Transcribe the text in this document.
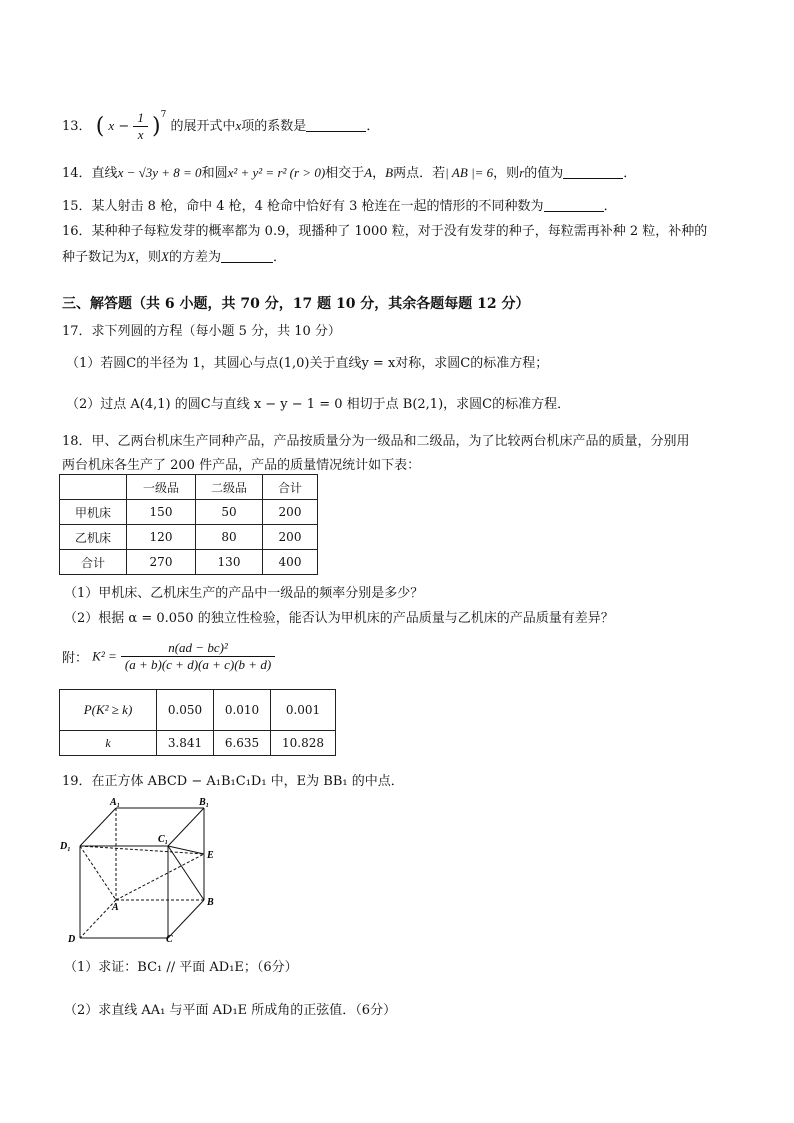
13． ( $x - \frac{1}{x} )^7$ 的展开式中x项的系数是	．
14．直线x − √3y + 8 = 0和圆x² + y² = r² (r > 0)相交于A，B两点．若| AB |= 6，则r的值为	．
15．某人射击 8 枪，命中 4 枪，4 枪命中恰好有 3 枪连在一起的情形的不同种数为	．
16．某种种子每粒发芽的概率都为 0.9，现播种了 1000 粒，对于没有发芽的种子，每粒需再补种 2 粒，补种的
种子数记为X，则X的方差为	．
三、解答题（共 6 小题，共 70 分，17 题 10 分，其余各题每题 12 分）
17．求下列圆的方程（每小题 5 分，共 10 分）
（1）若圆C的半径为 1，其圆心与点(1,0)关于直线y = x对称，求圆C的标准方程；
（2）过点 A(4,1) 的圆C与直线 x − y − 1 = 0 相切于点 B(2,1)，求圆C的标准方程．
18．甲、乙两台机床生产同种产品，产品按质量分为一级品和二级品，为了比较两台机床产品的质量，分别用
两台机床各生产了 200 件产品，产品的质量情况统计如下表：
	一级品	二级品	合计
甲机床	150	50	200
乙机床	120	80	200
合计	270	130	400
（1）甲机床、乙机床生产的产品中一级品的频率分别是多少？
（2）根据 α = 0.050 的独立性检验，能否认为甲机床的产品质量与乙机床的产品质量有差异？
附： $K^2 = \frac{\text{n(ad − bc)²}}{(a + b)(c + d)(a + c)(b + d)}$
P(K² ≥ k)	0.050	0.010	0.001
k	3.841	6.635	10.828
19．在正方体 ABCD − A₁B₁C₁D₁ 中，E为 BB₁ 的中点．
A₁	B₁
D₁
C₁
E
A	B
D	C
（1）求证：BC₁ // 平面 AD₁E；（6分）
（2）求直线 AA₁ 与平面 AD₁E 所成角的正弦值．（6分）
